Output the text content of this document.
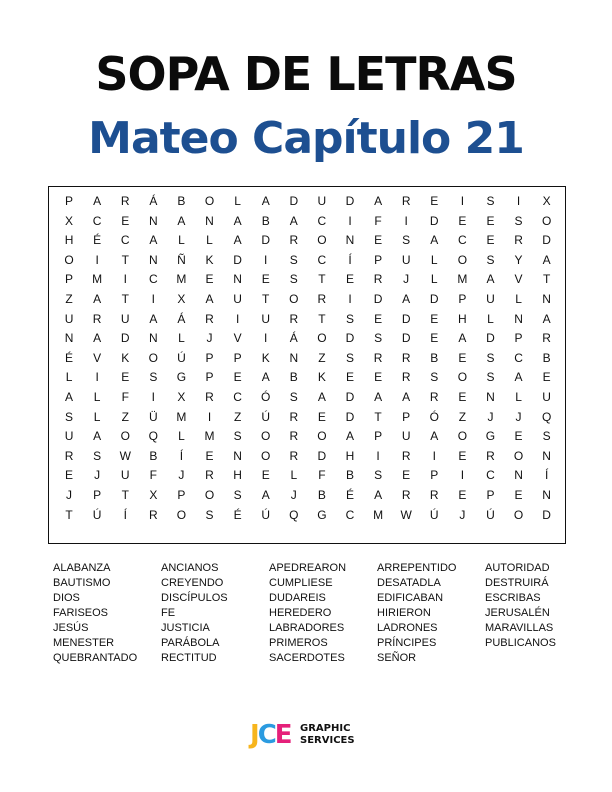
SOPA DE LETRAS
Mateo Capítulo 21
P	A	R	Á	B	O	L	A	D	U	D	A	R	E	I	S	I	X
X	C	E	N	A	N	A	B	A	C	I	F	I	D	E	E	S	O
H	É	C	A	L	L	A	D	R	O	N	E	S	A	C	E	R	D
O	I	T	N	Ñ	K	D	I	S	C	Í	P	U	L	O	S	Y	A
P	M	I	C	M	E	N	E	S	T	E	R	J	L	M	A	V	T
Z	A	T	I	X	A	U	T	O	R	I	D	A	D	P	U	L	N
U	R	U	A	Á	R	I	U	R	T	S	E	D	E	H	L	N	A
N	A	D	N	L	J	V	I	Á	O	D	S	D	E	A	D	P	R
É	V	K	O	Ú	P	P	K	N	Z	S	R	R	B	E	S	C	B
L	I	E	S	G	P	E	A	B	K	E	E	R	S	O	S	A	E
A	L	F	I	X	R	C	Ó	S	A	D	A	A	R	E	N	L	U
S	L	Z	Ü	M	I	Z	Ú	R	E	D	T	P	Ó	Z	J	J	Q
U	A	O	Q	L	M	S	O	R	O	A	P	U	A	O	G	E	S
R	S	W	B	Í	E	N	O	R	D	H	I	R	I	E	R	O	N
E	J	U	F	J	R	H	E	L	F	B	S	E	P	I	C	N	Í
J	P	T	X	P	O	S	A	J	B	É	A	R	R	E	P	E	N
T	Ú	Í	R	O	S	É	Ú	Q	G	C	M	W	Ú	J	Ú	O	D
ALABANZA	ANCIANOS	APEDREARON	ARREPENTIDO	AUTORIDAD
BAUTISMO	CREYENDO	CUMPLIESE	DESATADLA	DESTRUIRÁ
DIOS	DISCÍPULOS	DUDAREIS	EDIFICABAN	ESCRIBAS
FARISEOS	FE	HEREDERO	HIRIERON	JERUSALÉN
JESÚS	JUSTICIA	LABRADORES	LADRONES	MARAVILLAS
MENESTER	PARÁBOLA	PRIMEROS	PRÍNCIPES	PUBLICANOS
QUEBRANTADO	RECTITUD	SACERDOTES	SEÑOR
JCE GRAPHIC
SERVICES
